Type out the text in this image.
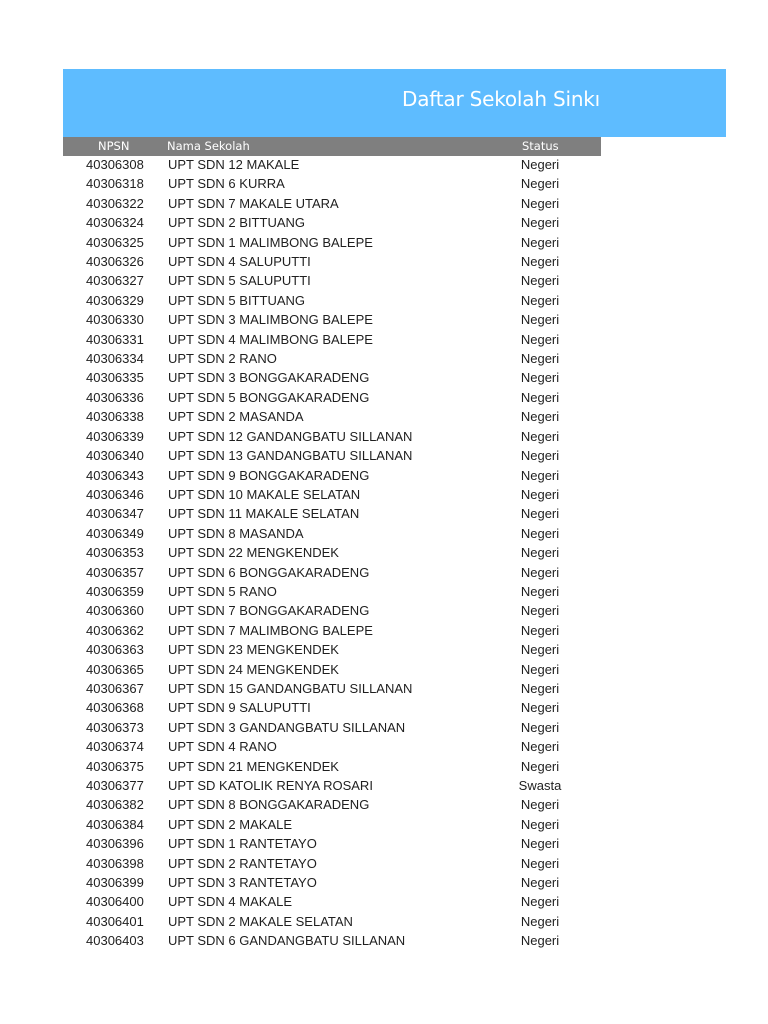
Daftar Sekolah Sinkı
NPSN	Nama Sekolah	Status
40306308 UPT SDN 12 MAKALE	Negeri
40306318 UPT SDN 6 KURRA	Negeri
40306322 UPT SDN 7 MAKALE UTARA	Negeri
40306324 UPT SDN 2 BITTUANG	Negeri
40306325 UPT SDN 1 MALIMBONG BALEPE	Negeri
40306326 UPT SDN 4 SALUPUTTI	Negeri
40306327 UPT SDN 5 SALUPUTTI	Negeri
40306329 UPT SDN 5 BITTUANG	Negeri
40306330 UPT SDN 3 MALIMBONG BALEPE	Negeri
40306331 UPT SDN 4 MALIMBONG BALEPE	Negeri
40306334 UPT SDN 2 RANO	Negeri
40306335 UPT SDN 3 BONGGAKARADENG	Negeri
40306336 UPT SDN 5 BONGGAKARADENG	Negeri
40306338 UPT SDN 2 MASANDA	Negeri
40306339 UPT SDN 12 GANDANGBATU SILLANAN	Negeri
40306340 UPT SDN 13 GANDANGBATU SILLANAN	Negeri
40306343 UPT SDN 9 BONGGAKARADENG	Negeri
40306346 UPT SDN 10 MAKALE SELATAN	Negeri
40306347 UPT SDN 11 MAKALE SELATAN	Negeri
40306349 UPT SDN 8 MASANDA	Negeri
40306353 UPT SDN 22 MENGKENDEK	Negeri
40306357 UPT SDN 6 BONGGAKARADENG	Negeri
40306359 UPT SDN 5 RANO	Negeri
40306360 UPT SDN 7 BONGGAKARADENG	Negeri
40306362 UPT SDN 7 MALIMBONG BALEPE	Negeri
40306363 UPT SDN 23 MENGKENDEK	Negeri
40306365 UPT SDN 24 MENGKENDEK	Negeri
40306367 UPT SDN 15 GANDANGBATU SILLANAN	Negeri
40306368 UPT SDN 9 SALUPUTTI	Negeri
40306373 UPT SDN 3 GANDANGBATU SILLANAN	Negeri
40306374 UPT SDN 4 RANO	Negeri
40306375 UPT SDN 21 MENGKENDEK	Negeri
40306377 UPT SD KATOLIK RENYA ROSARI	Swasta
40306382 UPT SDN 8 BONGGAKARADENG	Negeri
40306384 UPT SDN 2 MAKALE	Negeri
40306396 UPT SDN 1 RANTETAYO	Negeri
40306398 UPT SDN 2 RANTETAYO	Negeri
40306399 UPT SDN 3 RANTETAYO	Negeri
40306400 UPT SDN 4 MAKALE	Negeri
40306401 UPT SDN 2 MAKALE SELATAN	Negeri
40306403 UPT SDN 6 GANDANGBATU SILLANAN	Negeri
